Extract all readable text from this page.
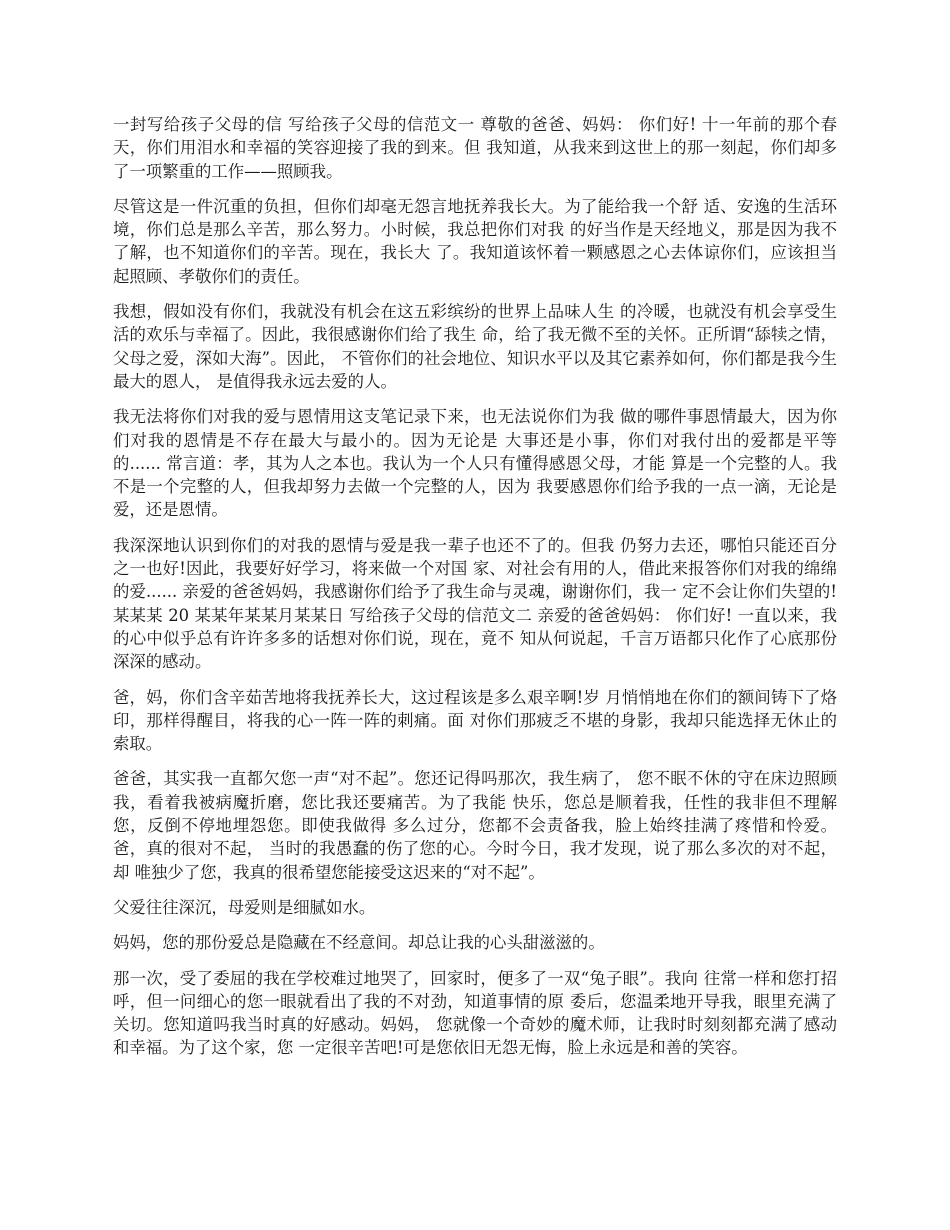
一封写给孩子父母的信 写给孩子父母的信范文一 尊敬的爸爸、妈妈： 你们好! 十一年前的那个春天，你们用泪水和幸福的笑容迎接了我的到来。但 我知道，从我来到这世上的那一刻起，你们却多了一项繁重的工作——照顾我。

尽管这是一件沉重的负担，但你们却毫无怨言地抚养我长大。为了能给我一个舒 适、安逸的生活环境，你们总是那么辛苦，那么努力。小时候，我总把你们对我 的好当作是天经地义，那是因为我不了解，也不知道你们的辛苦。现在，我长大 了。我知道该怀着一颗感恩之心去体谅你们，应该担当起照顾、孝敬你们的责任。

我想，假如没有你们，我就没有机会在这五彩缤纷的世界上品味人生 的冷暖，也就没有机会享受生活的欢乐与幸福了。因此，我很感谢你们给了我生 命，给了我无微不至的关怀。正所谓“舔犊之情，父母之爱，深如大海”。因此， 不管你们的社会地位、知识水平以及其它素养如何，你们都是我今生最大的恩人， 是值得我永远去爱的人。

我无法将你们对我的爱与恩情用这支笔记录下来，也无法说你们为我 做的哪件事恩情最大，因为你们对我的恩情是不存在最大与最小的。因为无论是 大事还是小事，你们对我付出的爱都是平等的...... 常言道：孝，其为人之本也。我认为一个人只有懂得感恩父母，才能 算是一个完整的人。我不是一个完整的人，但我却努力去做一个完整的人，因为 我要感恩你们给予我的一点一滴，无论是爱，还是恩情。

我深深地认识到你们的对我的恩情与爱是我一辈子也还不了的。但我 仍努力去还，哪怕只能还百分之一也好!因此，我要好好学习，将来做一个对国 家、对社会有用的人，借此来报答你们对我的绵绵的爱...... 亲爱的爸爸妈妈，我感谢你们给予了我生命与灵魂，谢谢你们，我一 定不会让你们失望的! 某某某 20 某某年某某月某某日 写给孩子父母的信范文二 亲爱的爸爸妈妈： 你们好! 一直以来，我的心中似乎总有许许多多的话想对你们说，现在，竟不 知从何说起，千言万语都只化作了心底那份深深的感动。

爸，妈，你们含辛茹苦地将我抚养长大，这过程该是多么艰辛啊!岁 月悄悄地在你们的额间铸下了烙印，那样得醒目，将我的心一阵一阵的刺痛。面 对你们那疲乏不堪的身影，我却只能选择无休止的索取。

爸爸，其实我一直都欠您一声“对不起”。您还记得吗那次，我生病了， 您不眠不休的守在床边照顾我，看着我被病魔折磨，您比我还要痛苦。为了我能 快乐，您总是顺着我，任性的我非但不理解您，反倒不停地埋怨您。即使我做得 多么过分，您都不会责备我，脸上始终挂满了疼惜和怜爱。爸，真的很对不起， 当时的我愚蠢的伤了您的心。今时今日，我才发现，说了那么多次的对不起，却 唯独少了您，我真的很希望您能接受这迟来的“对不起”。

父爱往往深沉，母爱则是细腻如水。

妈妈，您的那份爱总是隐藏在不经意间。却总让我的心头甜滋滋的。

那一次，受了委屈的我在学校难过地哭了，回家时，便多了一双“兔子眼”。我向 往常一样和您打招呼，但一问细心的您一眼就看出了我的不对劲，知道事情的原 委后，您温柔地开导我，眼里充满了关切。您知道吗我当时真的好感动。妈妈， 您就像一个奇妙的魔术师，让我时时刻刻都充满了感动和幸福。为了这个家，您 一定很辛苦吧!可是您依旧无怨无悔，脸上永远是和善的笑容。
